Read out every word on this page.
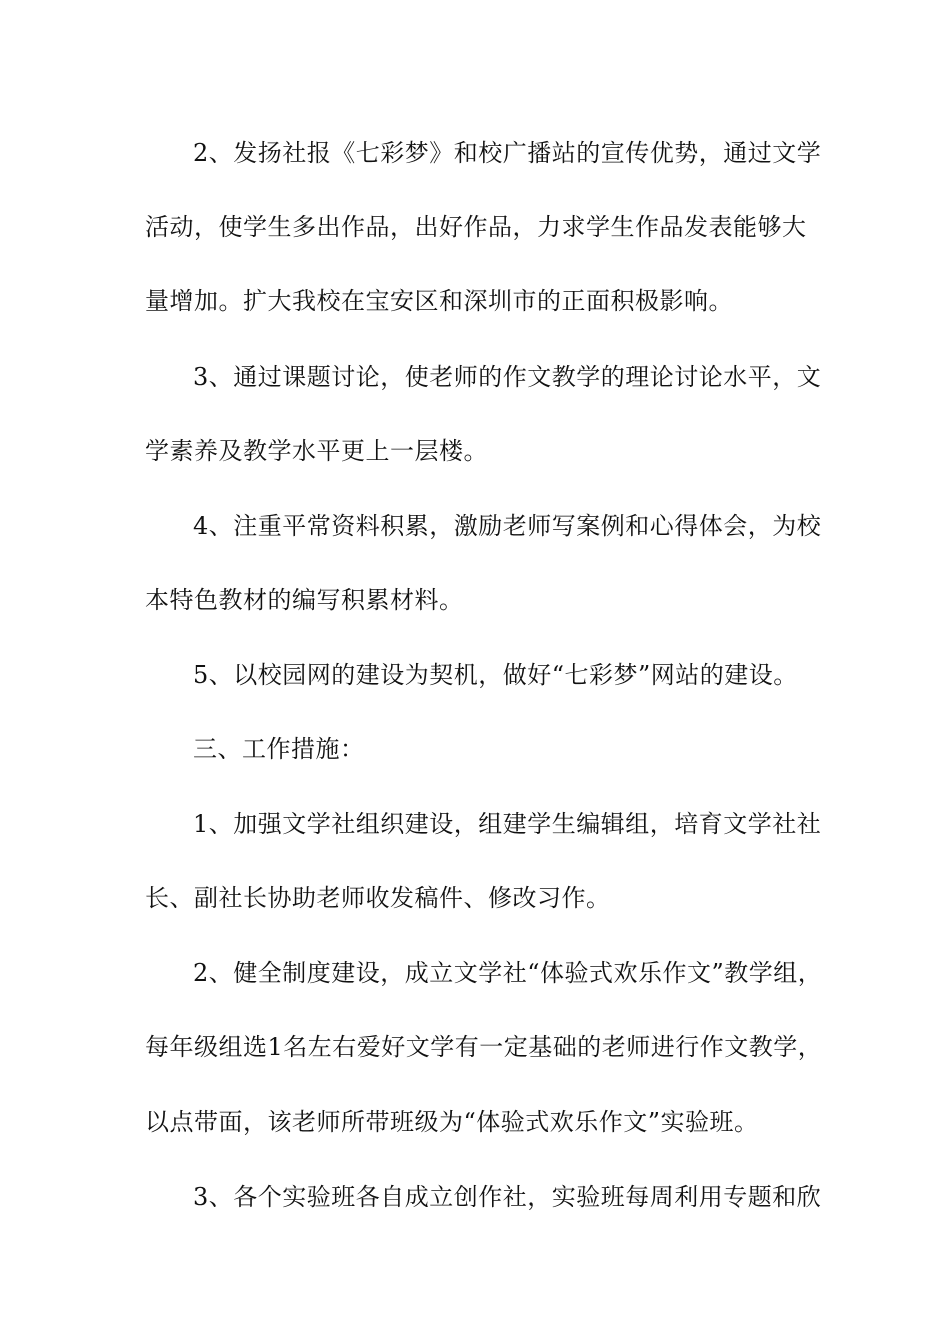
2、发扬社报《七彩梦》和校广播站的宣传优势，通过文学
活动，使学生多出作品，出好作品，力求学生作品发表能够大
量增加。扩大我校在宝安区和深圳市的正面积极影响。
3、通过课题讨论，使老师的作文教学的理论讨论水平，文
学素养及教学水平更上一层楼。
4、注重平常资料积累，激励老师写案例和心得体会，为校
本特色教材的编写积累材料。
5、以校园网的建设为契机，做好“七彩梦”网站的建设。
三、工作措施：
1、加强文学社组织建设，组建学生编辑组，培育文学社社
长、副社长协助老师收发稿件、修改习作。
2、健全制度建设，成立文学社“体验式欢乐作文”教学组，
每年级组选1名左右爱好文学有一定基础的老师进行作文教学，
以点带面，该老师所带班级为“体验式欢乐作文”实验班。
3、各个实验班各自成立创作社，实验班每周利用专题和欣
